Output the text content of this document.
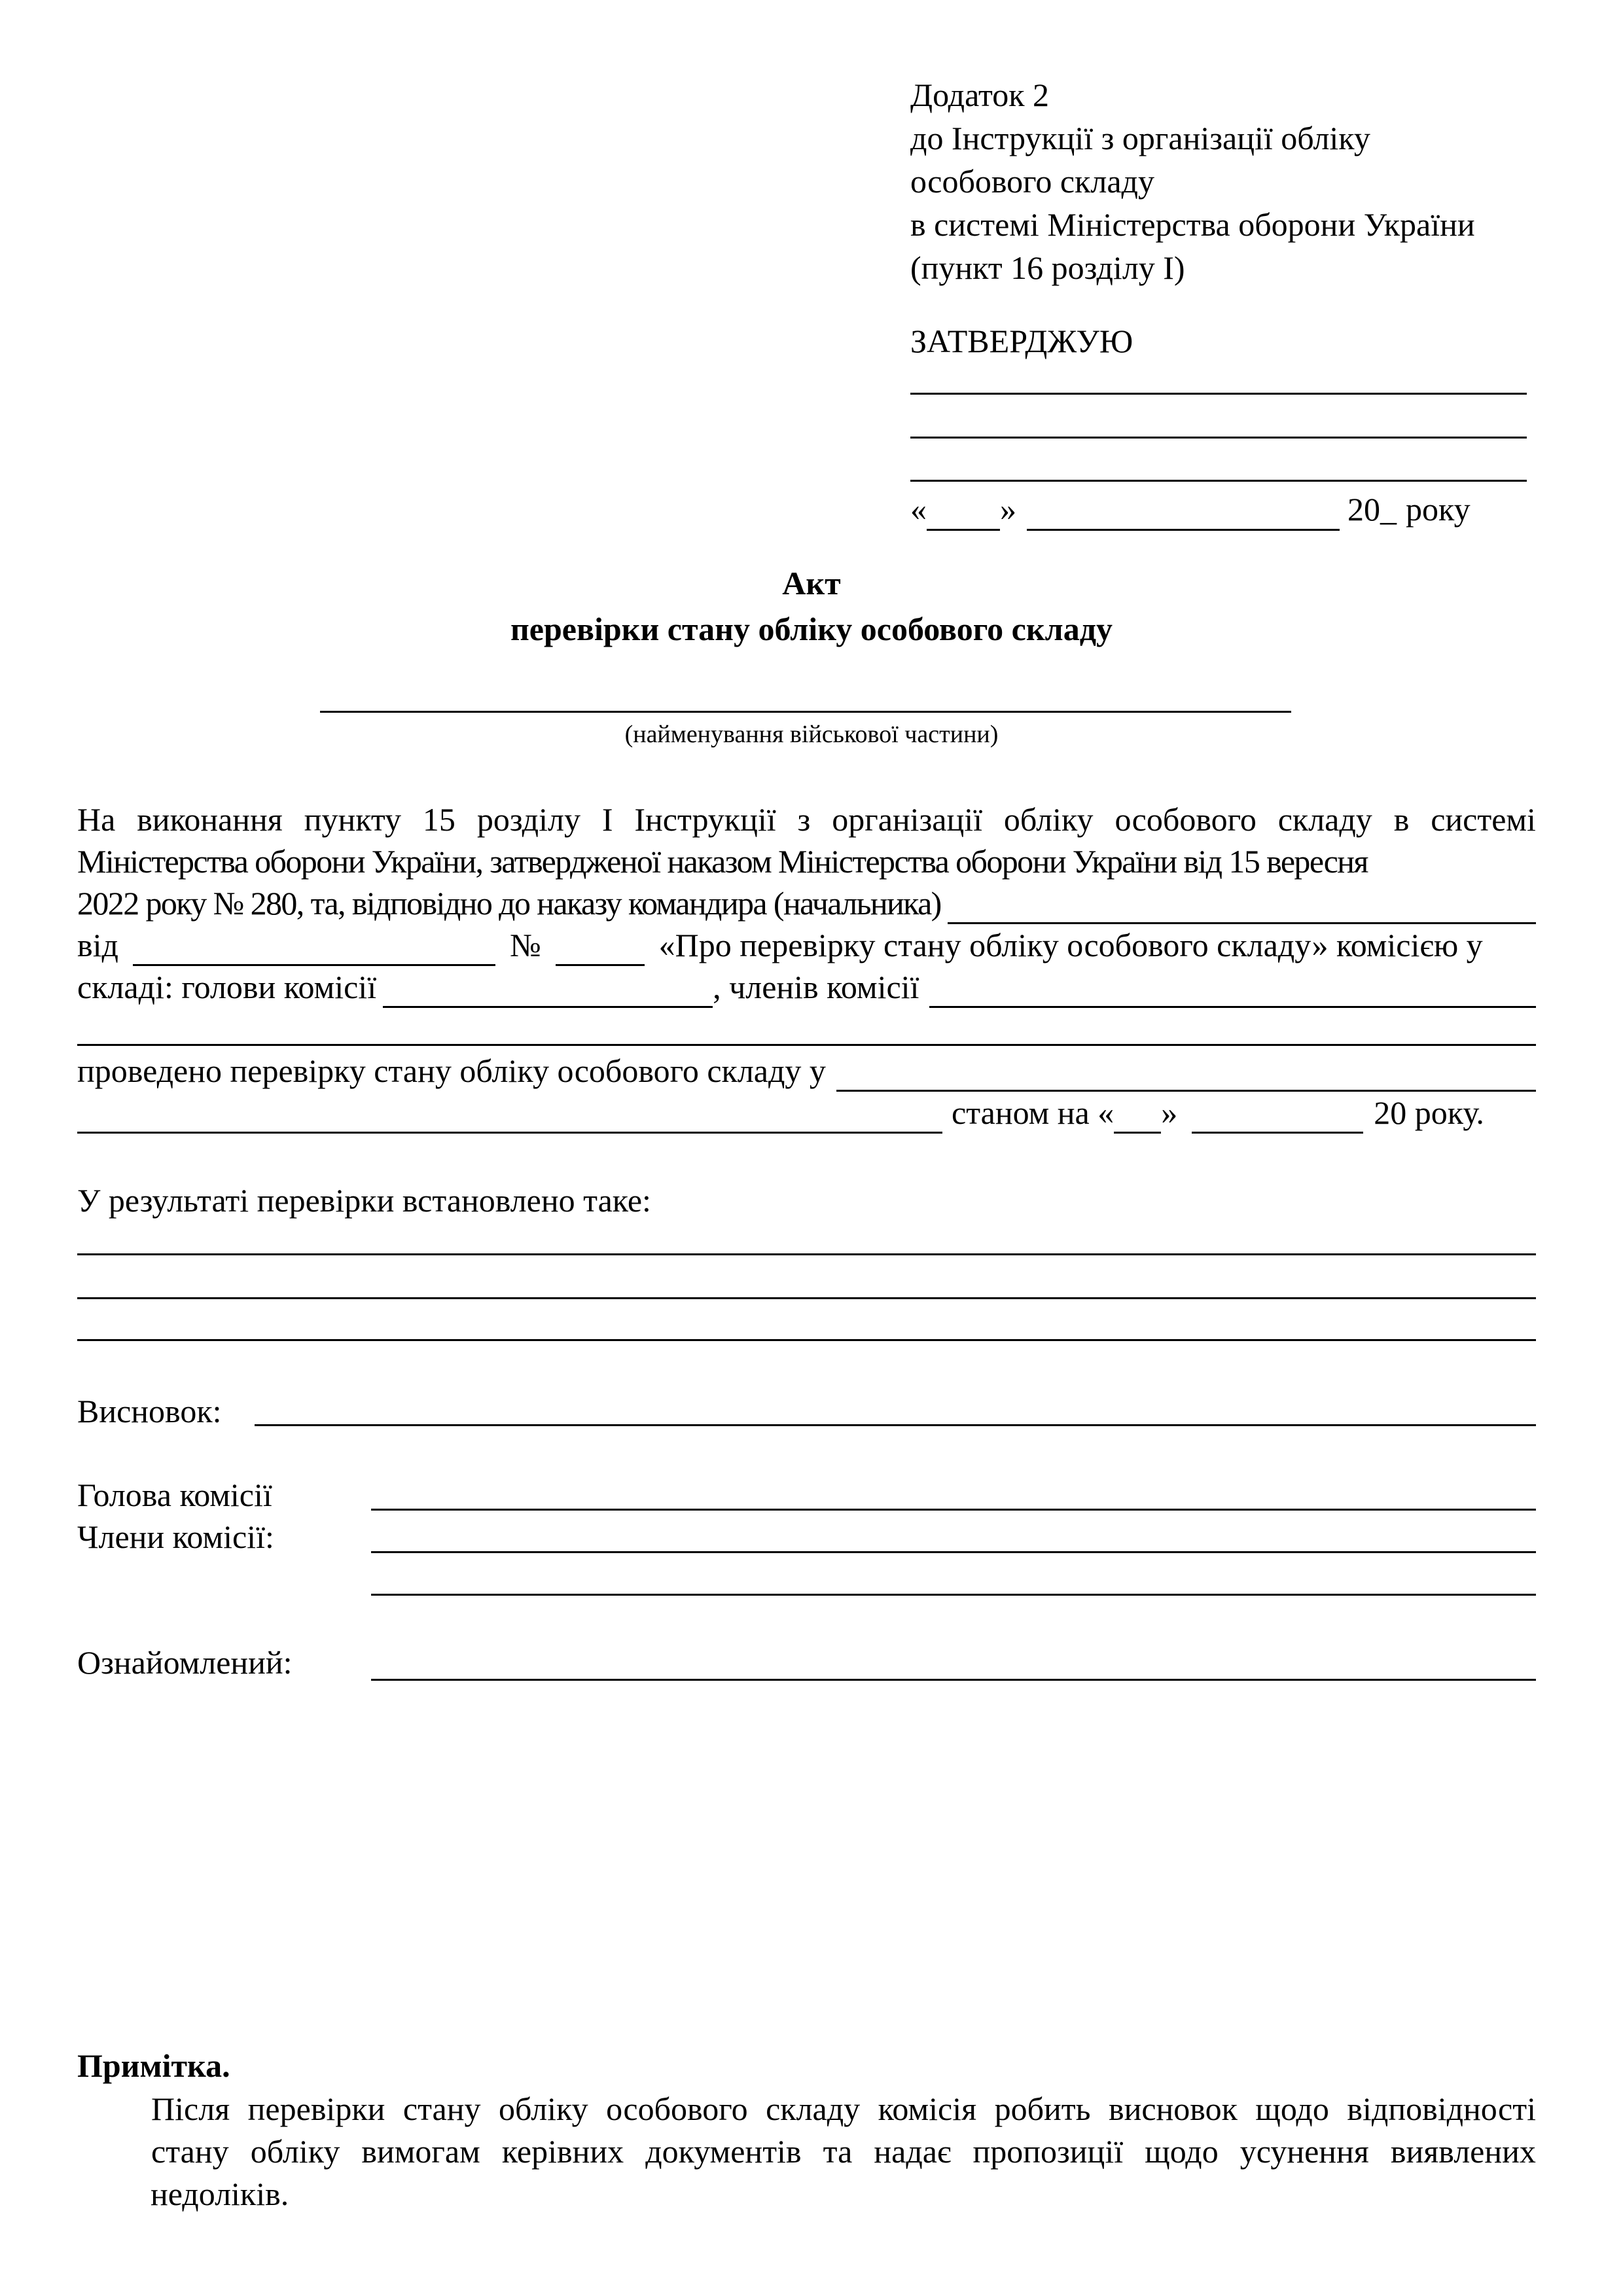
Додаток 2
до Інструкції з організації обліку
особового складу
в системі Міністерства оборони України
(пункт 16 розділу І)
ЗАТВЕРДЖУЮ
« »	20_ року
Акт
перевірки стану обліку особового складу
(найменування військової частини)
На виконання пункту 15 розділу І Інструкції з організації обліку особового складу в системі
Міністерства оборони України, затвердженої наказом Міністерства оборони України від 15 вересня
2022 року № 280, та, відповідно до наказу командира (начальника)
від	№	«Про перевірку стану обліку особового складу» комісією у
складі: голови комісії	, членів комісії
проведено перевірку стану обліку особового складу у
станом на « »	20 року.
У результаті перевірки встановлено таке:
Висновок:
Голова комісії
Члени комісії:
Ознайомлений:
Примітка.
Після перевірки стану обліку особового складу комісія робить висновок щодо відповідності
стану обліку вимогам керівних документів та надає пропозиції щодо усунення виявлених
недоліків.
